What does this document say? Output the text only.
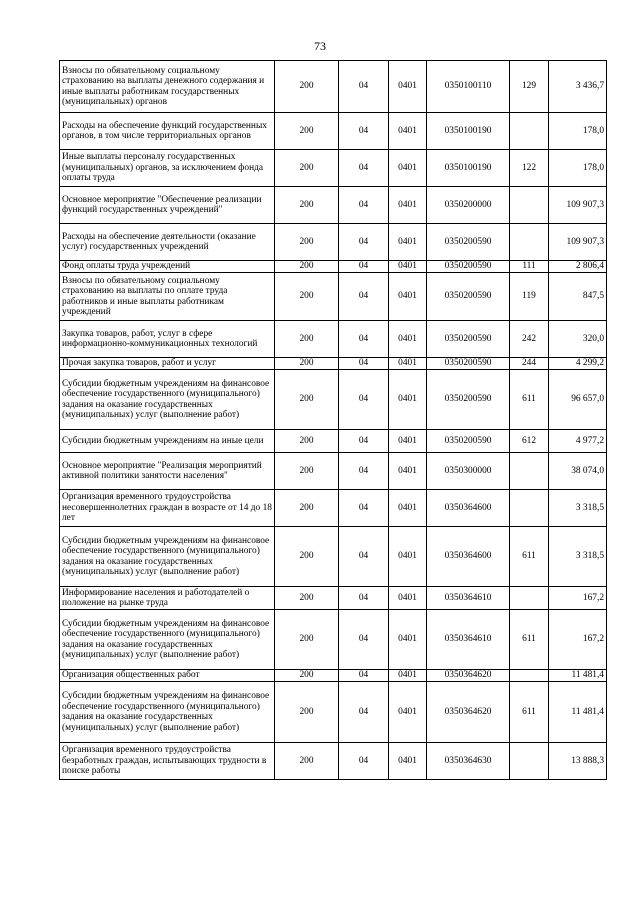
73
Взносы по обязательному социальному страхованию на выплаты денежного содержания и иные выплаты работникам государственных (муниципальных) органов	200	04	0401	0350100110	129	3 436,7
Расходы на обеспечение функций государственных органов, в том числе территориальных органов	200	04	0401	0350100190		178,0
Иные выплаты персоналу государственных (муниципальных) органов, за исключением фонда оплаты труда	200	04	0401	0350100190	122	178,0
Основное мероприятие "Обеспечение реализации функций государственных учреждений"	200	04	0401	0350200000		109 907,3
Расходы на обеспечение деятельности (оказание услуг) государственных учреждений	200	04	0401	0350200590		109 907,3
Фонд оплаты труда учреждений	200	04	0401	0350200590	111	2 806,4
Взносы по обязательному социальному страхованию на выплаты по оплате труда работников и иные выплаты работникам учреждений	200	04	0401	0350200590	119	847,5
Закупка товаров, работ, услуг в сфере информационно-коммуникационных технологий	200	04	0401	0350200590	242	320,0
Прочая закупка товаров, работ и услуг	200	04	0401	0350200590	244	4 299,2
Субсидии бюджетным учреждениям на финансовое обеспечение государственного (муниципального) задания на оказание государственных (муниципальных) услуг (выполнение работ)	200	04	0401	0350200590	611	96 657,0
Субсидии бюджетным учреждениям на иные цели	200	04	0401	0350200590	612	4 977,2
Основное мероприятие "Реализация мероприятий активной политики занятости населения"	200	04	0401	0350300000		38 074,0
Организация временного трудоустройства несовершеннолетних граждан в возрасте от 14 до 18 лет	200	04	0401	0350364600		3 318,5
Субсидии бюджетным учреждениям на финансовое обеспечение государственного (муниципального) задания на оказание государственных (муниципальных) услуг (выполнение работ)	200	04	0401	0350364600	611	3 318,5
Информирование населения и работодателей о положение на рынке труда	200	04	0401	0350364610		167,2
Субсидии бюджетным учреждениям на финансовое обеспечение государственного (муниципального) задания на оказание государственных (муниципальных) услуг (выполнение работ)	200	04	0401	0350364610	611	167,2
Организация общественных работ	200	04	0401	0350364620		11 481,4
Субсидии бюджетным учреждениям на финансовое обеспечение государственного (муниципального) задания на оказание государственных (муниципальных) услуг (выполнение работ)	200	04	0401	0350364620	611	11 481,4
Организация временного трудоустройства безработных граждан, испытывающих трудности в поиске работы	200	04	0401	0350364630		13 888,3
